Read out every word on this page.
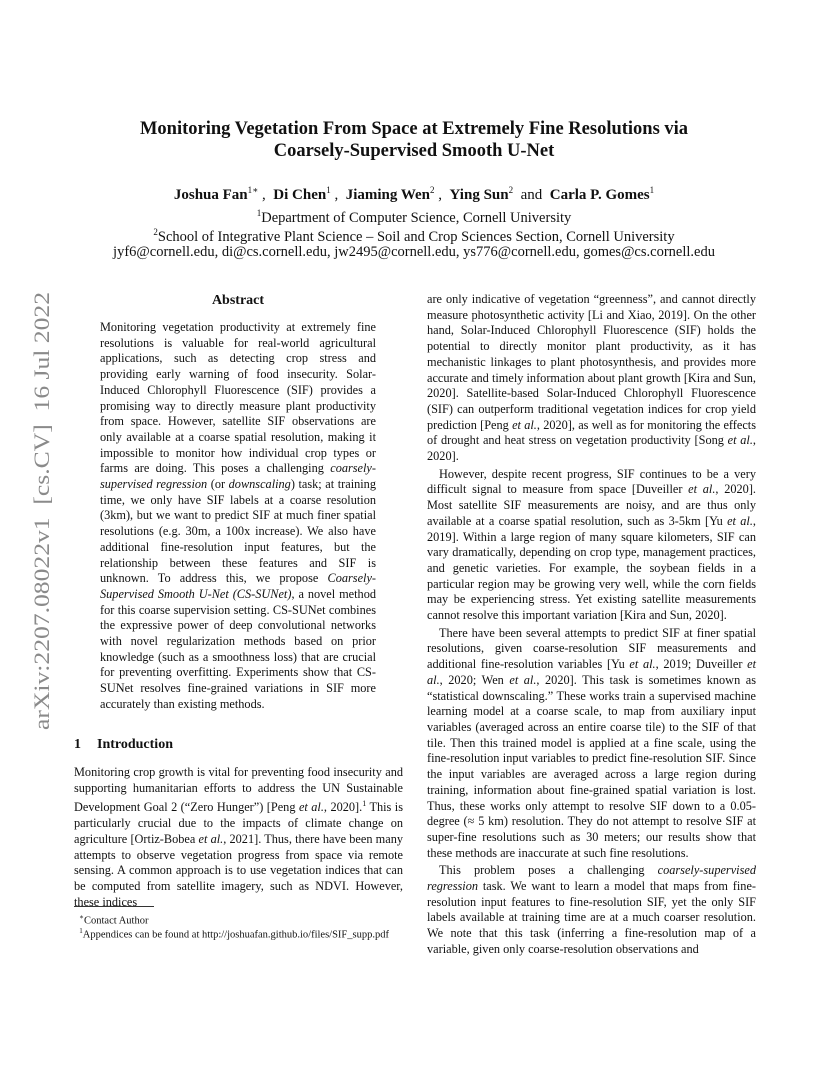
Monitoring Vegetation From Space at Extremely Fine Resolutions via
Coarsely-Supervised Smooth U-Net
Joshua Fan$^{1∗}$ ,  Di Chen$^1$ ,  Jiaming Wen$^2$ ,  Ying Sun$^2$ and Carla P. Gomes$^1$
$^1$Department of Computer Science, Cornell University
$^2$School of Integrative Plant Science – Soil and Crop Sciences Section, Cornell University
jyf6@cornell.edu, di@cs.cornell.edu, jw2495@cornell.edu, ys776@cornell.edu, gomes@cs.cornell.edu
arXiv:2207.08022v1  [cs.CV]  16 Jul 2022
Abstract

Monitoring vegetation productivity at extremely fine resolutions is valuable for real-world agricultural applications, such as detecting crop stress and providing early warning of food insecurity. Solar-Induced Chlorophyll Fluorescence (SIF) provides a promising way to directly measure plant productivity from space. However, satellite SIF observations are only available at a coarse spatial resolution, making it impossible to monitor how individual crop types or farms are doing. This poses a challenging coarsely-supervised regression (or downscaling) task; at training time, we only have SIF labels at a coarse resolution (3km), but we want to predict SIF at much finer spatial resolutions (e.g. 30m, a 100x increase). We also have additional fine-resolution input features, but the relationship between these features and SIF is unknown. To address this, we propose Coarsely-Supervised Smooth U-Net (CS-SUNet), a novel method for this coarse supervision setting. CS-SUNet combines the expressive power of deep convolutional networks with novel regularization methods based on prior knowledge (such as a smoothness loss) that are crucial for preventing overfitting. Experiments show that CS-SUNet resolves fine-grained variations in SIF more accurately than existing methods.

1 Introduction

Monitoring crop growth is vital for preventing food insecurity and supporting humanitarian efforts to address the UN Sustainable Development Goal 2 (“Zero Hunger”) [Peng et al., 2020].$^1$ This is particularly crucial due to the impacts of climate change on agriculture [Ortiz-Bobea et al., 2021]. Thus, there have been many attempts to observe vegetation progress from space via remote sensing. A common approach is to use vegetation indices that can be computed from satellite imagery, such as NDVI. However, these indices

∗Contact Author
$^1$Appendices can be found at http://joshuafan.github.io/files/SIF_supp.pdf

are only indicative of vegetation “greenness”, and cannot directly measure photosynthetic activity [Li and Xiao, 2019]. On the other hand, Solar-Induced Chlorophyll Fluorescence (SIF) holds the potential to directly monitor plant productivity, as it has mechanistic linkages to plant photosynthesis, and provides more accurate and timely information about plant growth [Kira and Sun, 2020]. Satellite-based Solar-Induced Chlorophyll Fluorescence (SIF) can outperform traditional vegetation indices for crop yield prediction [Peng et al., 2020], as well as for monitoring the effects of drought and heat stress on vegetation productivity [Song et al., 2020].

However, despite recent progress, SIF continues to be a very difficult signal to measure from space [Duveiller et al., 2020]. Most satellite SIF measurements are noisy, and are thus only available at a coarse spatial resolution, such as 3-5km [Yu et al., 2019]. Within a large region of many square kilometers, SIF can vary dramatically, depending on crop type, management practices, and genetic varieties. For example, the soybean fields in a particular region may be growing very well, while the corn fields may be experiencing stress. Yet existing satellite measurements cannot resolve this important variation [Kira and Sun, 2020].

There have been several attempts to predict SIF at finer spatial resolutions, given coarse-resolution SIF measurements and additional fine-resolution variables [Yu et al., 2019; Duveiller et al., 2020; Wen et al., 2020]. This task is sometimes known as “statistical downscaling.” These works train a supervised machine learning model at a coarse scale, to map from auxiliary input variables (averaged across an entire coarse tile) to the SIF of that tile. Then this trained model is applied at a fine scale, using the fine-resolution input variables to predict fine-resolution SIF. Since the input variables are averaged across a large region during training, information about fine-grained spatial variation is lost. Thus, these works only attempt to resolve SIF down to a 0.05-degree (≈ 5 km) resolution. They do not attempt to resolve SIF at super-fine resolutions such as 30 meters; our results show that these methods are inaccurate at such fine resolutions.

This problem poses a challenging coarsely-supervised regression task. We want to learn a model that maps from fine-resolution input features to fine-resolution SIF, yet the only SIF labels available at training time are at a much coarser resolution. We note that this task (inferring a fine-resolution map of a variable, given only coarse-resolution observations and
